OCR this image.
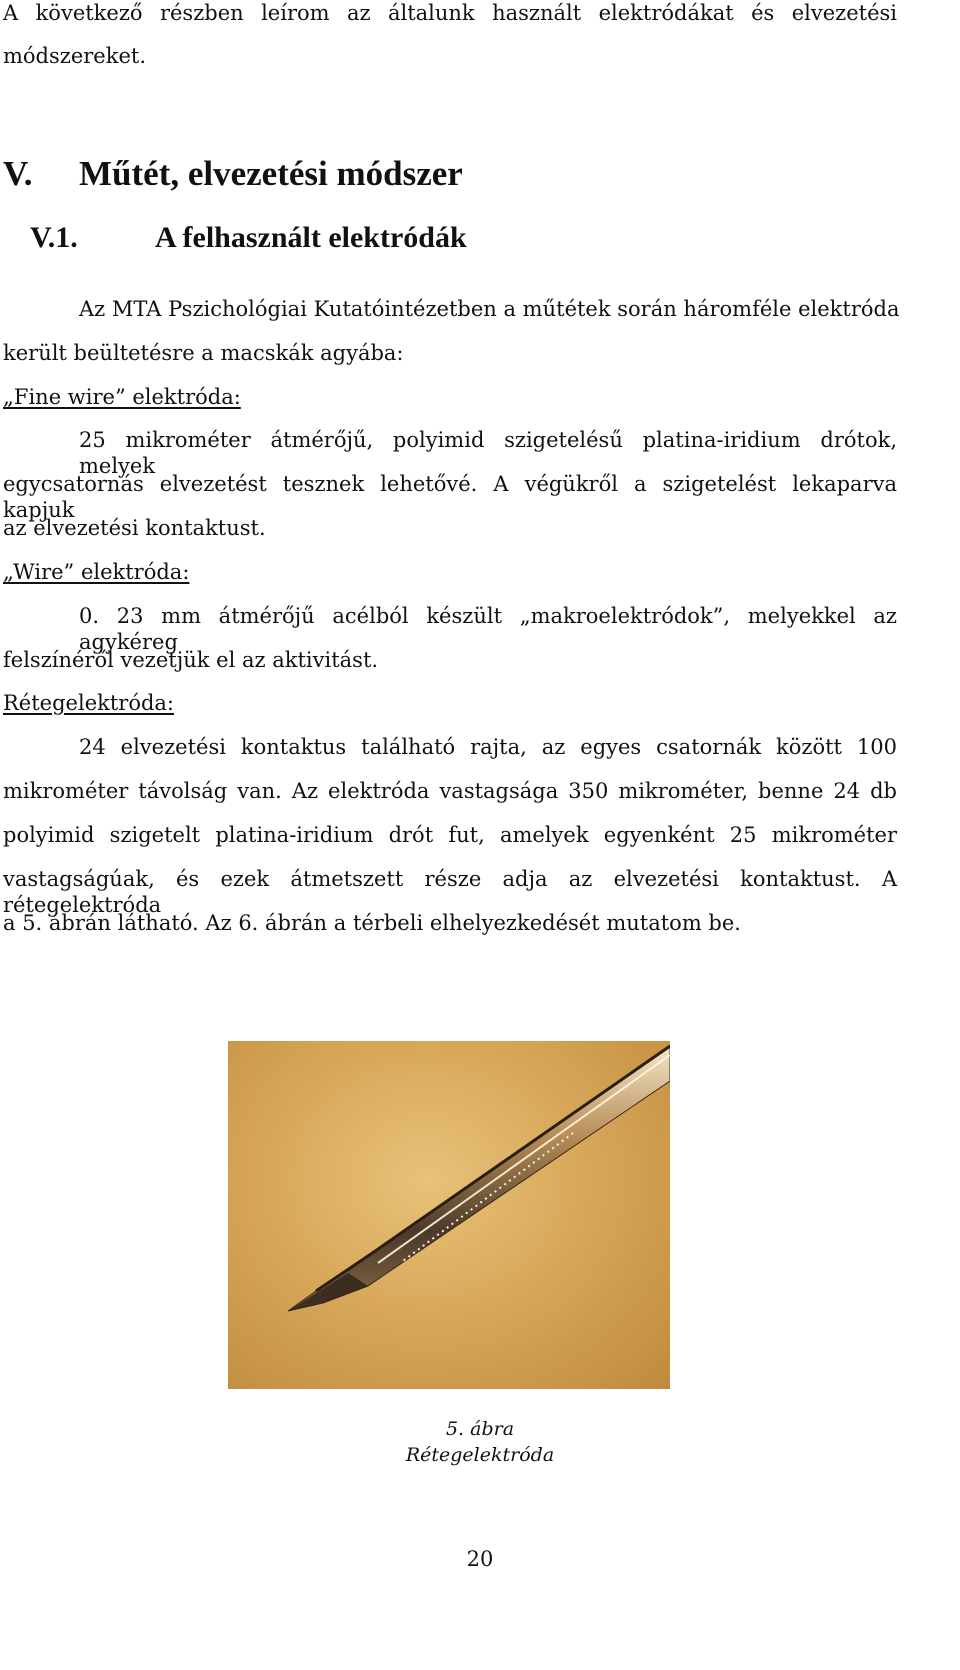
A következő részben leírom az általunk használt elektródákat és elvezetési
módszereket.
V. Műtét, elvezetési módszer
V.1.	A felhasznált elektródák
Az MTA Pszichológiai Kutatóintézetben a műtétek során háromféle elektróda
került beültetésre a macskák agyába:
„Fine wire” elektróda:
25 mikrométer átmérőjű, polyimid szigetelésű platina-iridium drótok, melyek
egycsatornás elvezetést tesznek lehetővé. A végükről a szigetelést lekaparva kapjuk
az elvezetési kontaktust.
„Wire” elektróda:
0. 23 mm átmérőjű acélból készült „makroelektródok”, melyekkel az agykéreg
felszínéről vezetjük el az aktivitást.
Rétegelektróda:
24 elvezetési kontaktus található rajta, az egyes csatornák között 100
mikrométer távolság van. Az elektróda vastagsága 350 mikrométer, benne 24 db
polyimid szigetelt platina-iridium drót fut, amelyek egyenként 25 mikrométer
vastagságúak, és ezek átmetszett része adja az elvezetési kontaktust. A rétegelektróda
a 5. ábrán látható. Az 6. ábrán a térbeli elhelyezkedését mutatom be.
5. ábra
Rétegelektróda
20
